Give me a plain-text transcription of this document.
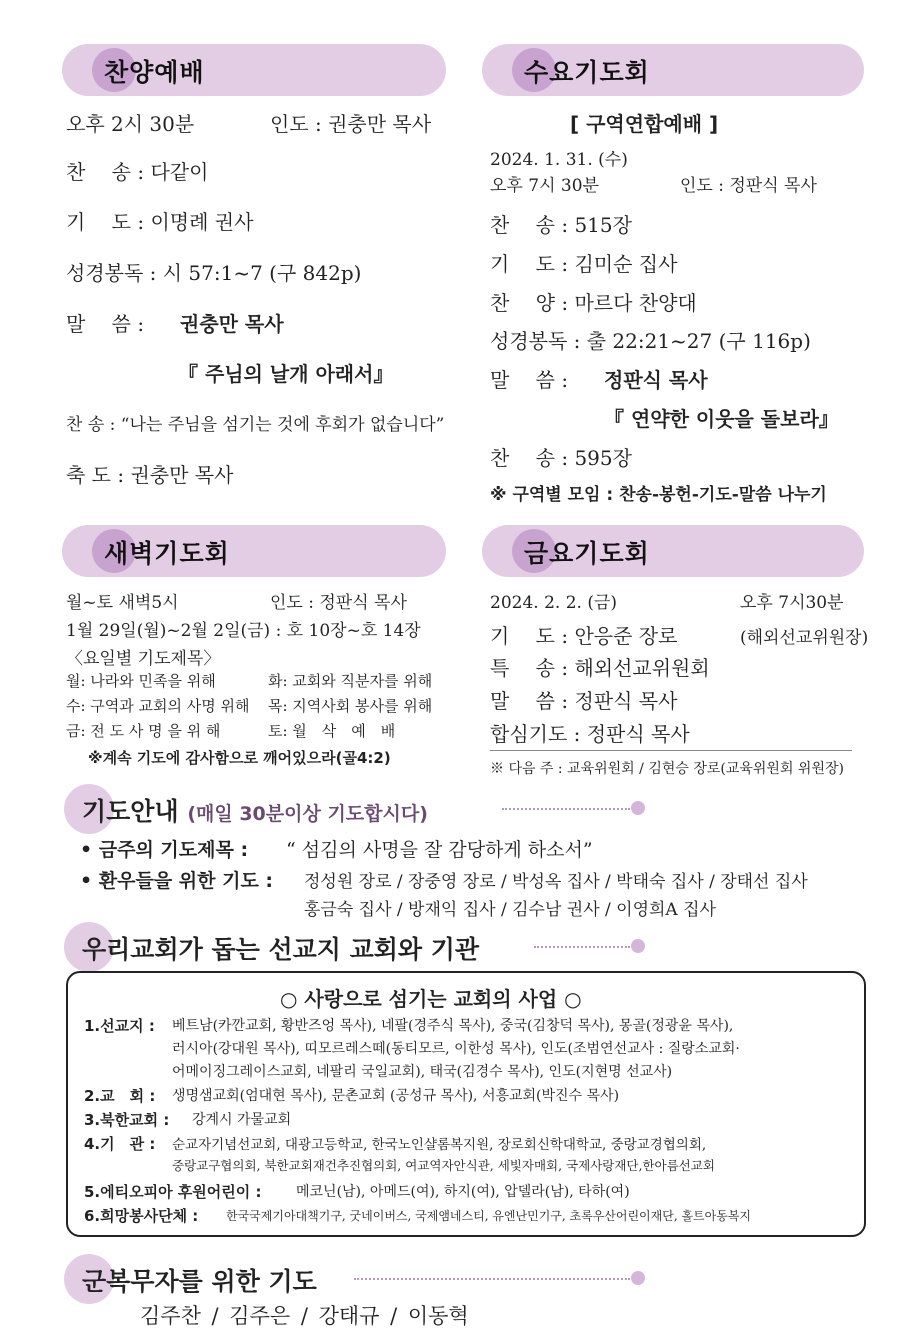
찬양예배
오후 2시 30분	인도 : 권충만 목사
찬　 송 : 다같이
기　 도 : 이명례 권사
성경봉독 : 시 57:1~7 (구 842p)
말　 씀 : 권충만 목사
『 주님의 날개 아래서』
찬 송 : “나는 주님을 섬기는 것에 후회가 없습니다”
축 도 : 권충만 목사
수요기도회
[ 구역연합예배 ]
2024. 1. 31. (수)
오후 7시 30분	인도 : 정판식 목사
찬　 송 : 515장
기　 도 : 김미순 집사
찬　 양 : 마르다 찬양대
성경봉독 : 출 22:21~27 (구 116p)
말　 씀 : 정판식 목사
『 연약한 이웃을 돌보라』
찬　 송 : 595장
※ 구역별 모임 : 찬송-봉헌-기도-말씀 나누기
새벽기도회
월~토 새벽5시	인도 : 정판식 목사
1월 29일(월)~2월 2일(금) : 호 10장~호 14장
〈요일별 기도제목〉
월: 나라와 민족을 위해	화: 교회와 직분자를 위해
수: 구역과 교회의 사명 위해 목: 지역사회 봉사를 위해
금: 전 도 사 명 을 위 해	토: 월　삭　예　배
※계속 기도에 감사함으로 깨어있으라(골4:2)
금요기도회
2024. 2. 2. (금)	오후 7시30분
기　 도 : 안응준 장로	(해외선교위원장)
특　 송 : 해외선교위원회
말　 씀 : 정판식 목사
합심기도 : 정판식 목사
※ 다음 주 : 교육위원회 / 김현승 장로(교육위원회 위원장)
기도안내 (매일 30분이상 기도합시다)
• 금주의 기도제목 : “ 섬김의 사명을 잘 감당하게 하소서”
• 환우들을 위한 기도 : 정성원 장로 / 장중영 장로 / 박성옥 집사 / 박태숙 집사 / 장태선 집사
홍금숙 집사 / 방재익 집사 / 김수남 권사 / 이영희A 집사
우리교회가 돕는 선교지 교회와 기관
○ 사랑으로 섬기는 교회의 사업 ○
1.선교지 : 베트남(카깐교회, 황반즈엉 목사), 네팔(경주식 목사), 중국(김창덕 목사), 몽골(정광윤 목사),
러시아(강대원 목사), 띠모르레스떼(동티모르, 이한성 목사), 인도(조범연선교사 : 질랑소교회·
어메이징그레이스교회, 네팔리 국일교회), 태국(김경수 목사), 인도(지현명 선교사)
2.교　회 : 생명샘교회(엄대현 목사), 문촌교회 (공성규 목사), 서흥교회(박진수 목사)
3.북한교회 : 강계시 가물교회
4.기　관 : 순교자기념선교회, 대광고등학교, 한국노인샬롬복지원, 장로회신학대학교, 중랑교경협의회,
중랑교구협의회, 북한교회재건추진협의회, 여교역자안식관, 세빛자매회, 국제사랑재단,한아름선교회
5.에티오피아 후원어린이 : 메코닌(남), 아메드(여), 하지(여), 압델라(남), 타하(여)
6.희망봉사단체 : 한국국제기아대책기구, 굿네이버스, 국제앰네스티, 유엔난민기구, 초록우산어린이재단, 홀트아동복지
군복무자를 위한 기도
김주찬 / 김주은 / 강태규 / 이동혁
